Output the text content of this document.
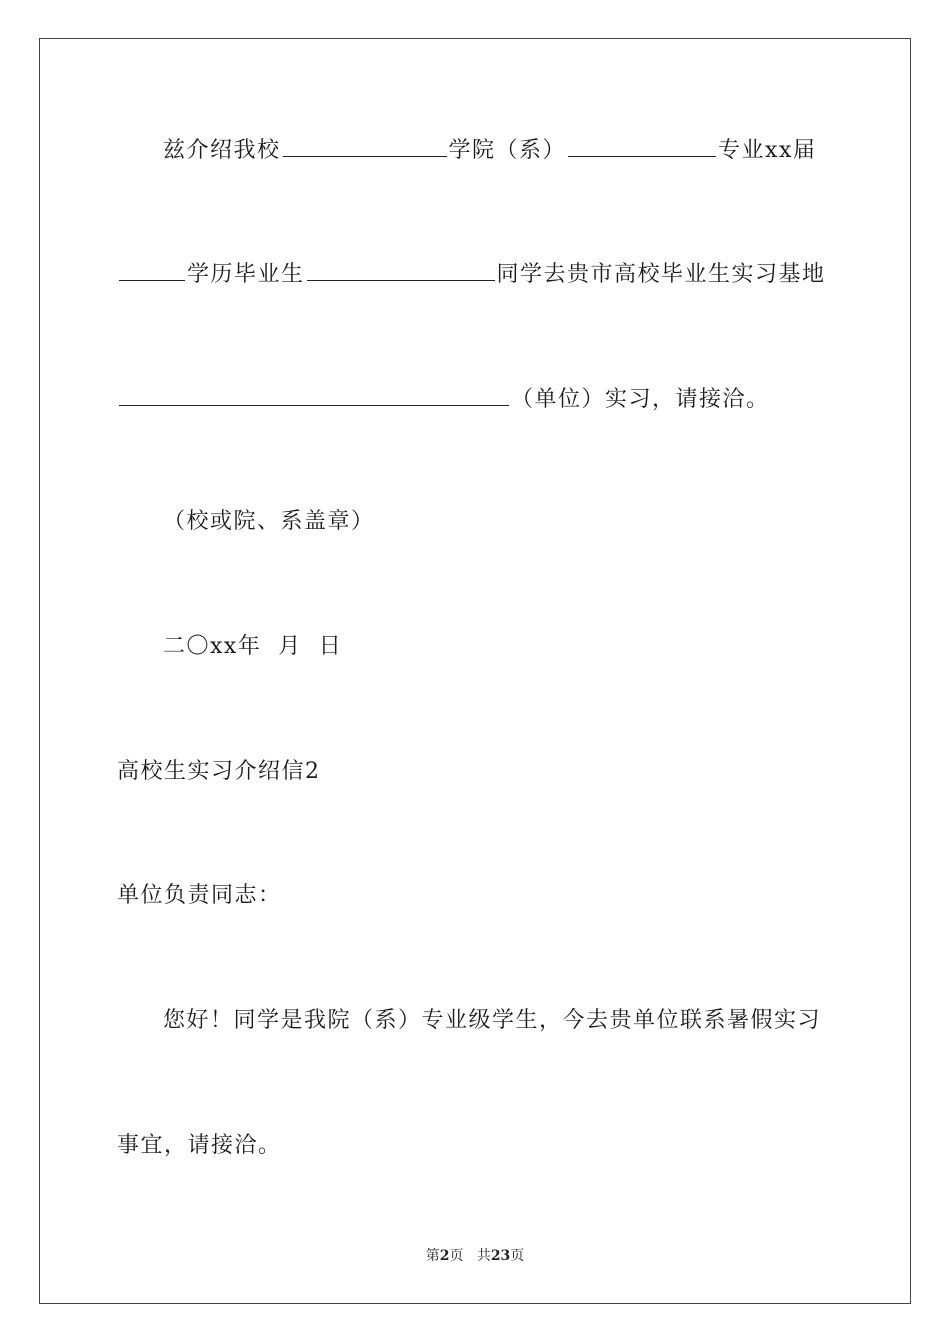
兹介绍我校	学院（系）	专业xx届
学历毕业生	同学去贵市高校毕业生实习基地
（单位）实习，请接洽。
（校或院、系盖章）
二〇xx年  月  日
高校生实习介绍信2
单位负责同志：
您好！同学是我院（系）专业级学生，今去贵单位联系暑假实习
事宜，请接洽。
第2页 共23页
